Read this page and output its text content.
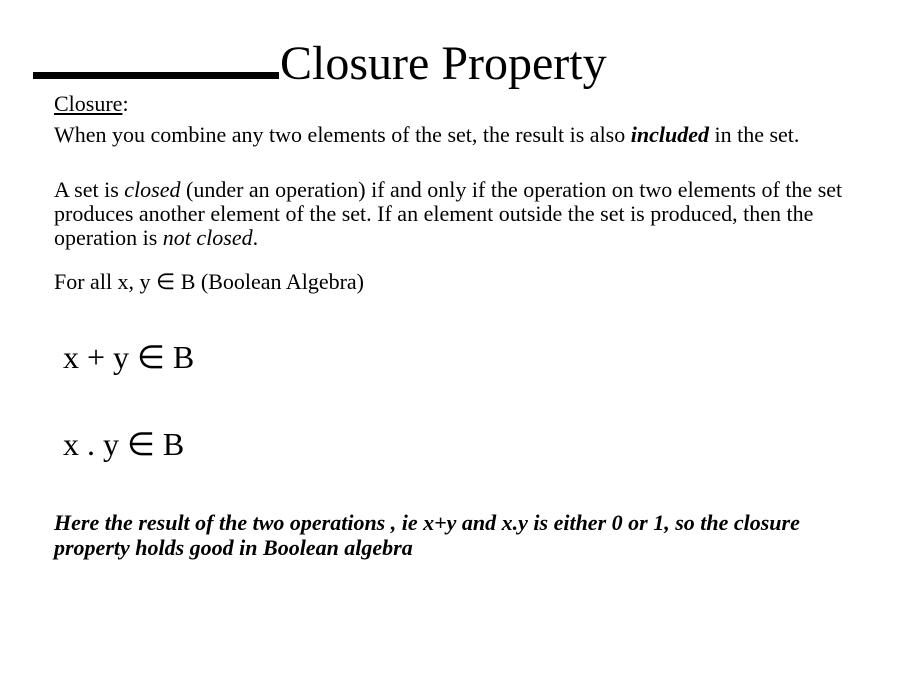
Closure Property
Closure:
When you combine any two elements of the set, the result is also included in the set.
A set is closed (under an operation) if and only if the operation on two elements of the set produces another element of the set. If an element outside the set is produced, then the operation is not closed.
For all x, y ∈ B (Boolean Algebra)
x + y ∈ B
x . y ∈ B
Here the result of the two operations , ie x+y and x.y is either 0 or 1, so the closure property holds good in Boolean algebra
